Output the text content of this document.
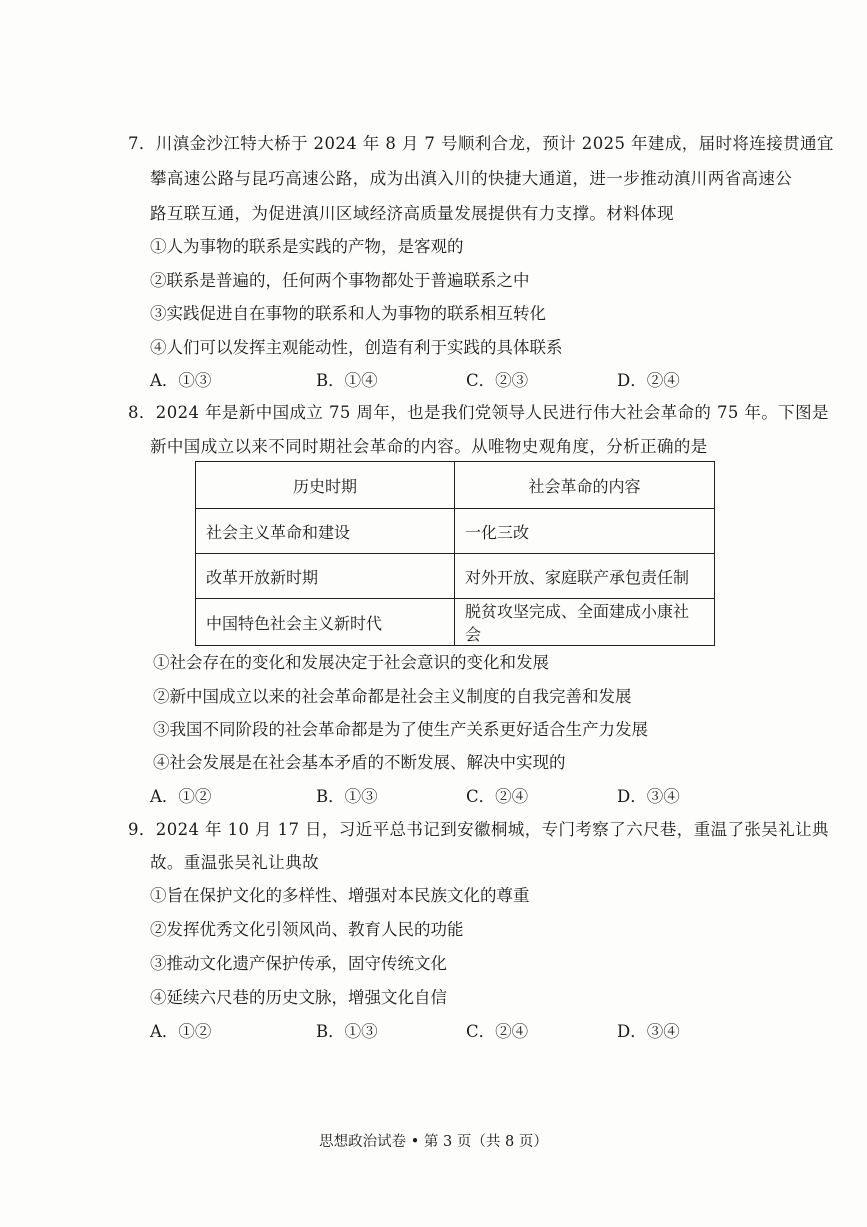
7．川滇金沙江特大桥于 2024 年 8 月 7 号顺利合龙，预计 2025 年建成，届时将连接贯通宜
攀高速公路与昆巧高速公路，成为出滇入川的快捷大通道，进一步推动滇川两省高速公
路互联互通，为促进滇川区域经济高质量发展提供有力支撑。材料体现
①人为事物的联系是实践的产物，是客观的
②联系是普遍的，任何两个事物都处于普遍联系之中
③实践促进自在事物的联系和人为事物的联系相互转化
④人们可以发挥主观能动性，创造有利于实践的具体联系
A．①③	B．①④	C．②③	D．②④
8．2024 年是新中国成立 75 周年，也是我们党领导人民进行伟大社会革命的 75 年。下图是
新中国成立以来不同时期社会革命的内容。从唯物史观角度，分析正确的是
历史时期	社会革命的内容
社会主义革命和建设	一化三改
改革开放新时期	对外开放、家庭联产承包责任制
中国特色社会主义新时代	脱贫攻坚完成、全面建成小康社会
①社会存在的变化和发展决定于社会意识的变化和发展
②新中国成立以来的社会革命都是社会主义制度的自我完善和发展
③我国不同阶段的社会革命都是为了使生产关系更好适合生产力发展
④社会发展是在社会基本矛盾的不断发展、解决中实现的
A．①②	B．①③	C．②④	D．③④
9．2024 年 10 月 17 日，习近平总书记到安徽桐城，专门考察了六尺巷，重温了张吴礼让典
故。重温张吴礼让典故
①旨在保护文化的多样性、增强对本民族文化的尊重
②发挥优秀文化引领风尚、教育人民的功能
③推动文化遗产保护传承，固守传统文化
④延续六尺巷的历史文脉，增强文化自信
A．①②	B．①③	C．②④	D．③④
思想政治试卷 • 第 3 页（共 8 页）
